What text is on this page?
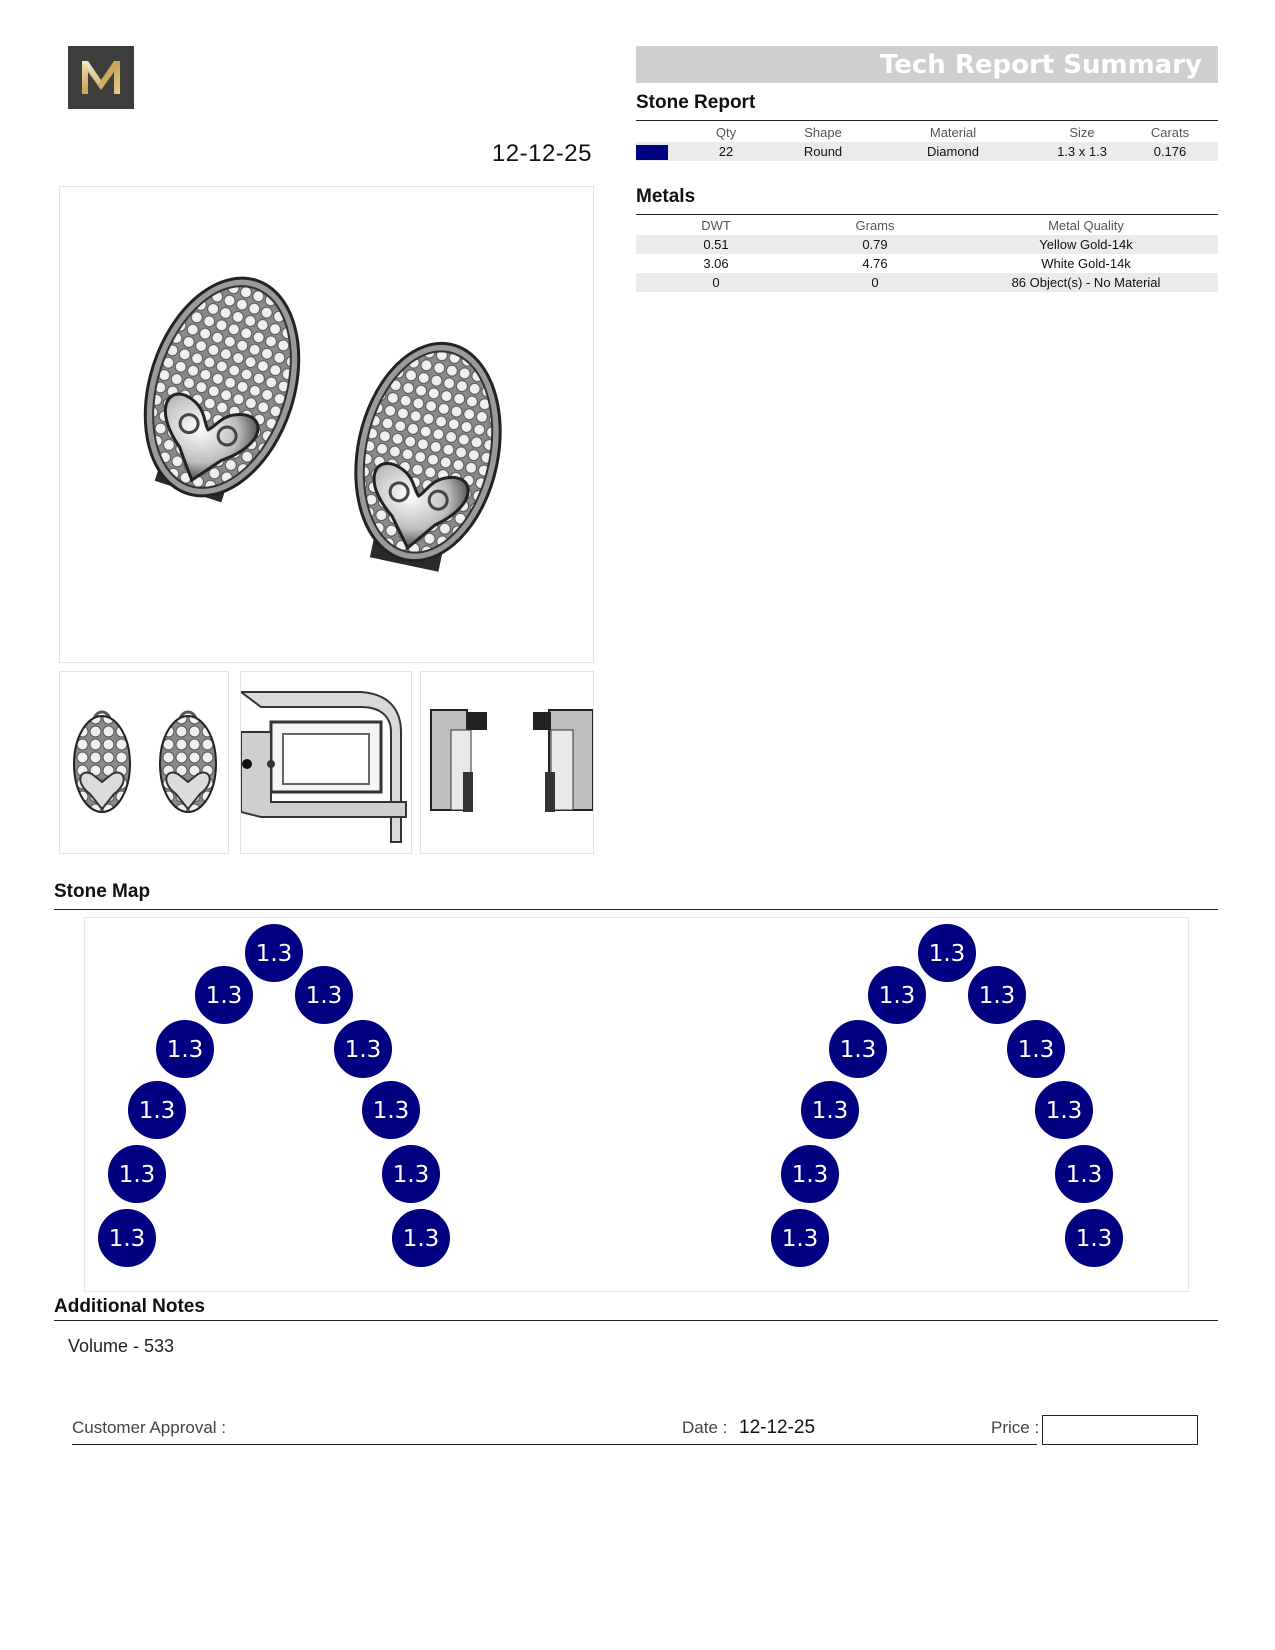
12-12-25
Tech Report Summary
Stone Report
	Qty	Shape	Material	Size	Carats
	22	Round	Diamond	1.3 x 1.3	0.176
Metals
DWT	Grams	Metal Quality
0.51	0.79	Yellow Gold-14k
3.06	4.76	White Gold-14k
0	0	86 Object(s) - No Material
Stone Map
1.3
1.3
1.3
1.3
1.3
1.3
1.3
1.3
1.3
1.3
1.3
1.3
1.3
1.3
1.3
1.3
1.3
1.3
1.3
1.3
1.3
1.3
Additional Notes
Volume - 533
Customer Approval :	Date : 12-12-25	Price :
